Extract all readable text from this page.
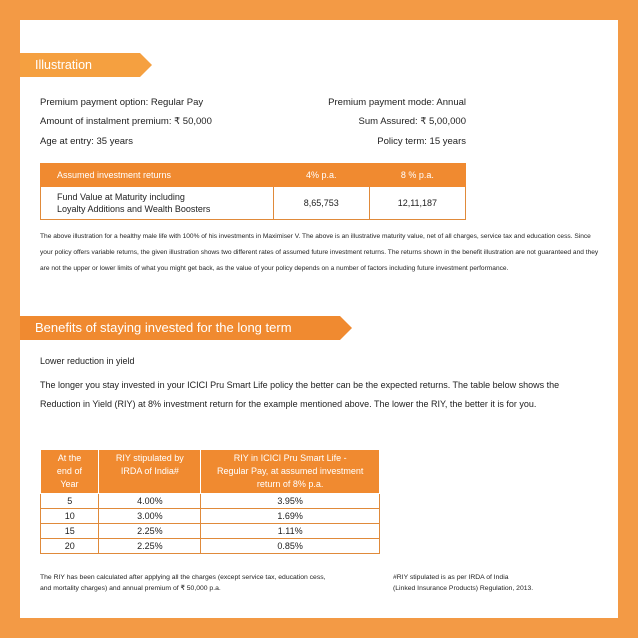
Illustration
Premium payment option: Regular Pay	Premium payment mode: Annual
Amount of instalment premium: ₹ 50,000	Sum Assured: ₹ 5,00,000
Age at entry: 35 years	Policy term: 15 years
Assumed investment returns	4% p.a.	8 % p.a.
Fund Value at Maturity including
Loyalty Additions and Wealth Boosters	8,65,753	12,11,187
The above illustration for a healthy male life with 100% of his investments in Maximiser V. The above is an illustrative maturity value, net of all charges, service tax and education cess. Since your policy offers variable returns, the given illustration shows two different rates of assumed future investment returns. The returns shown in the benefit illustration are not guaranteed and they are not the upper or lower limits of what you might get back, as the value of your policy depends on a number of factors including future investment performance.
Benefits of staying invested for the long term
Lower reduction in yield
The longer you stay invested in your ICICI Pru Smart Life policy the better can be the expected returns. The table below shows the Reduction in Yield (RIY) at 8% investment return for the example mentioned above. The lower the RIY, the better it is for you.
At the
end of
Year	RIY stipulated by
IRDA of India#	RIY in ICICI Pru Smart Life -
Regular Pay, at assumed investment
return of 8% p.a.
5	4.00%	3.95%
10	3.00%	1.69%
15	2.25%	1.11%
20	2.25%	0.85%
The RIY has been calculated after applying all the charges (except service tax, education cess,
and mortality charges) and annual premium of ₹ 50,000 p.a.
#RIY stipulated is as per IRDA of India
(Linked Insurance Products) Regulation, 2013.
